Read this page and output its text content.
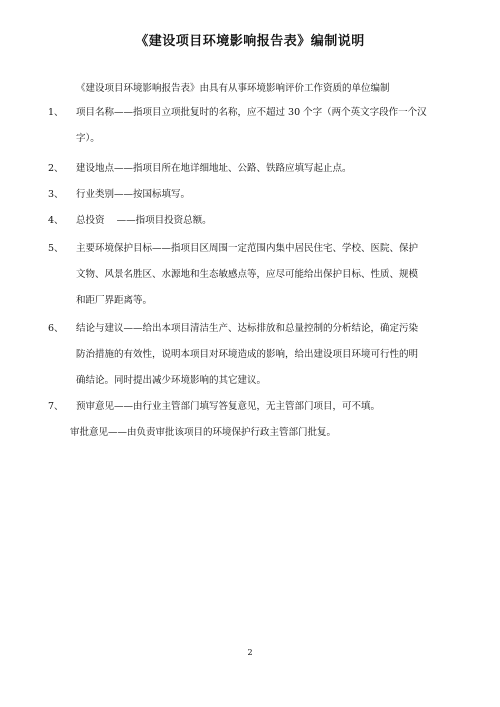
《建设项目环境影响报告表》编制说明
《建设项目环境影响报告表》由具有从事环境影响评价工作资质的单位编制
1、 项目名称——指项目立项批复时的名称，应不超过 30 个字（两个英文字段作一个汉
字）。
2、 建设地点——指项目所在地详细地址、公路、铁路应填写起止点。
3、 行业类别——按国标填写。
4、 总投资    ——指项目投资总额。
5、 主要环境保护目标——指项目区周围一定范围内集中居民住宅、学校、医院、保护
文物、风景名胜区、水源地和生态敏感点等，应尽可能给出保护目标、性质、规模
和距厂界距离等。
6、 结论与建议——给出本项目清洁生产、达标排放和总量控制的分析结论，确定污染
防治措施的有效性，说明本项目对环境造成的影响，给出建设项目环境可行性的明
确结论。同时提出减少环境影响的其它建议。
7、 预审意见——由行业主管部门填写答复意见，无主管部门项目，可不填。
审批意见——由负责审批该项目的环境保护行政主管部门批复。
2
